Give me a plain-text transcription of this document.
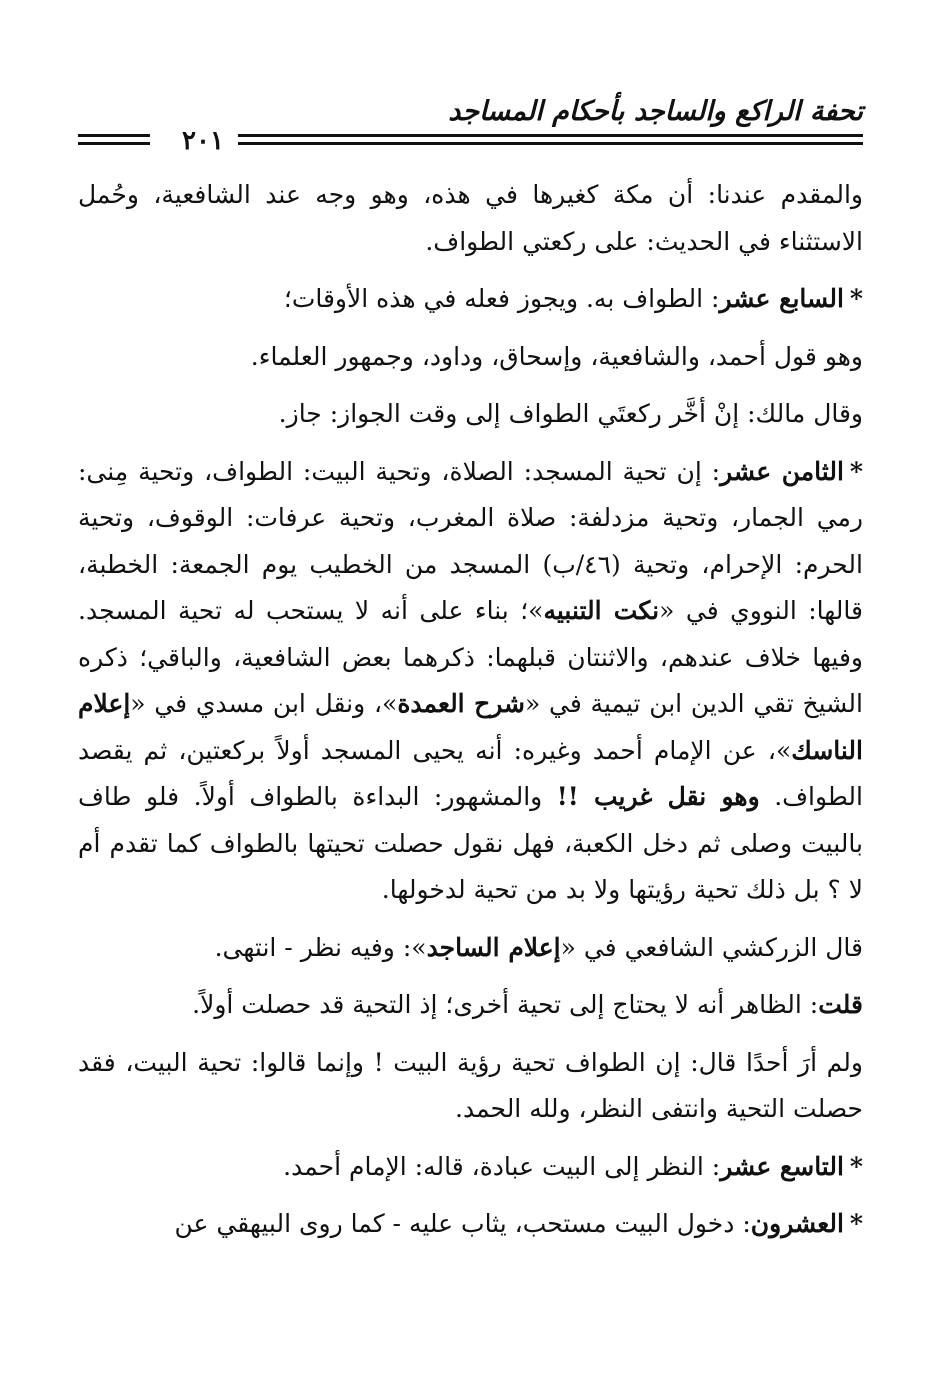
تحفة الراكع والساجد بأحكام المساجد
٢٠١

والمقدم عندنا: أن مكة كغيرها في هذه، وهو وجه عند الشافعية، وحُمل الاستثناء في الحديث: على ركعتي الطواف.

*السابع عشر: الطواف به. ويجوز فعله في هذه الأوقات؛

وهو قول أحمد، والشافعية، وإسحاق، وداود، وجمهور العلماء.

وقال مالك: إنْ أخَّر ركعتَي الطواف إلى وقت الجواز: جاز.

*الثامن عشر: إن تحية المسجد: الصلاة، وتحية البيت: الطواف، وتحية مِنى: رمي الجمار، وتحية مزدلفة: صلاة المغرب، وتحية عرفات: الوقوف، وتحية الحرم: الإحرام، وتحية (٤٦/ب) المسجد من الخطيب يوم الجمعة: الخطبة، قالها: النووي في «نكت التنبيه»؛ بناء على أنه لا يستحب له تحية المسجد. وفيها خلاف عندهم، والاثنتان قبلهما: ذكرهما بعض الشافعية، والباقي؛ ذكره الشيخ تقي الدين ابن تيمية في «شرح العمدة»، ونقل ابن مسدي في «إعلام الناسك»، عن الإمام أحمد وغيره: أنه يحيى المسجد أولاً بركعتين، ثم يقصد الطواف. وهو نقل غريب !! والمشهور: البداءة بالطواف أولاً. فلو طاف بالبيت وصلى ثم دخل الكعبة، فهل نقول حصلت تحيتها بالطواف كما تقدم أم لا ؟ بل ذلك تحية رؤيتها ولا بد من تحية لدخولها.

قال الزركشي الشافعي في «إعلام الساجد»: وفيه نظر - انتهى.

قلت: الظاهر أنه لا يحتاج إلى تحية أخرى؛ إذ التحية قد حصلت أولاً.

ولم أرَ أحدًا قال: إن الطواف تحية رؤية البيت ! وإنما قالوا: تحية البيت، فقد حصلت التحية وانتفى النظر، ولله الحمد.

*التاسع عشر: النظر إلى البيت عبادة، قاله: الإمام أحمد.

*العشرون: دخول البيت مستحب، يثاب عليه - كما روى البيهقي عن
